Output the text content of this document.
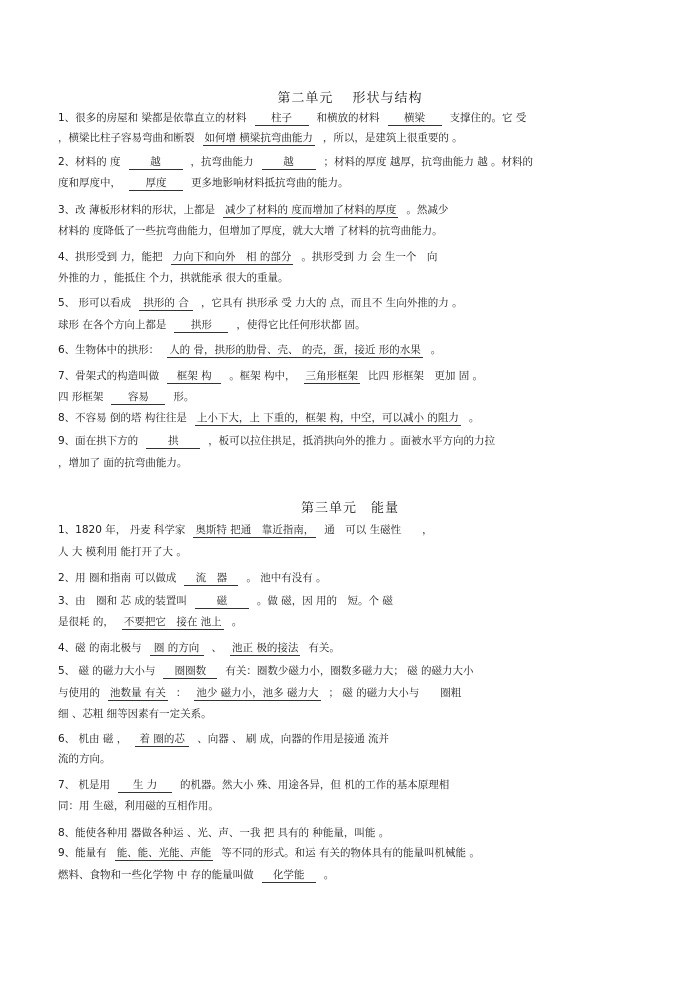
第二单元　 形状与结构
1、很多的房屋和 梁都是依靠直立的材料 柱子 和横放的材料 横梁 支撑住的。它 受
，横梁比柱子容易弯曲和断裂 如何增 横梁抗弯曲能力 ，所以，是建筑上很重要的 。
2、材料的 度	越	，抗弯曲能力	越	；材料的厚度 越厚，抗弯曲能力 越 。材料的
度和厚度中， 厚度 更多地影响材料抵抗弯曲的能力。
3、改 薄板形材料的形状，上都是 减少了材料的 度而增加了材料的厚度 。然减少
材料的 度降低了一些抗弯曲能力，但增加了厚度，就大大增 了材料的抗弯曲能力。
4、拱形受到 力，能把 力向下和向外　相 的部分 。拱形受到 力 会 生一个　向
外推的力 ，能抵住 个力，拱就能承 很大的重量。
5、 形可以看成 拱形的 合 ，它具有 拱形承 受 力大的 点，而且不 生向外推的力 。
球形 在各个方向上都是 拱形 ，使得它比任何形状都 固。
6、生物体中的拱形： 人的 骨，拱形的肋骨、壳、 的壳，蛋，接近 形的水果 。
7、骨架式的构造叫做 框架 构 。框架 构中， 三角形框架 比四 形框架　更加 固 。
四 形框架 容易 形。
8、不容易 倒的塔 构往往是 上小下大，上 下重的，框架 构，中空，可以减小 的阻力 。
9、面在拱下方的	拱	，板可以拉住拱足，抵消拱向外的推力 。面被水平方向的力拉
，增加了 面的抗弯曲能力。
第三单元　能量
1、1820 年， 丹麦 科学家 奥斯特 把通　靠近指南， 通　可以 生磁性　　，
人 大 模利用 能打开了大 。
2、用 圈和指南 可以做成 流　器 。 池中有没有 。
3、由　圈和 芯 成的装置叫	磁	。做 磁，因 用的　短。个 磁
是很耗 的， 不要把它　接在 池上 。
4、磁 的南北极与 圈 的方向 、 池正 极的接法 有关。
5、 磁 的磁力大小与 圈圈数 有关：圈数少磁力小，圈数多磁力大； 磁 的磁力大小
与使用的 池数量 有关 ： 池少 磁力小，池多 磁力大 ； 磁 的磁力大小与　　圈粗
细 、芯粗 细等因素有一定关系。
6、 机由 磁 ， 着 圈的芯 、向器 、 刷 成，向器的作用是接通 流并
流的方向。
7、 机是用 生 力 的机器。然大小 殊、用途各异，但 机的工作的基本原理相
同：用 生磁，利用磁的互相作用。
8、能使各种用 器做各种运 、光、声、一我 把 具有的 种能量，叫能 。
9、能量有 能、能、光能、声能 等不同的形式。和运 有关的物体具有的能量叫机械能 。
燃料、食物和一些化学物 中 存的能量叫做 化学能 。
